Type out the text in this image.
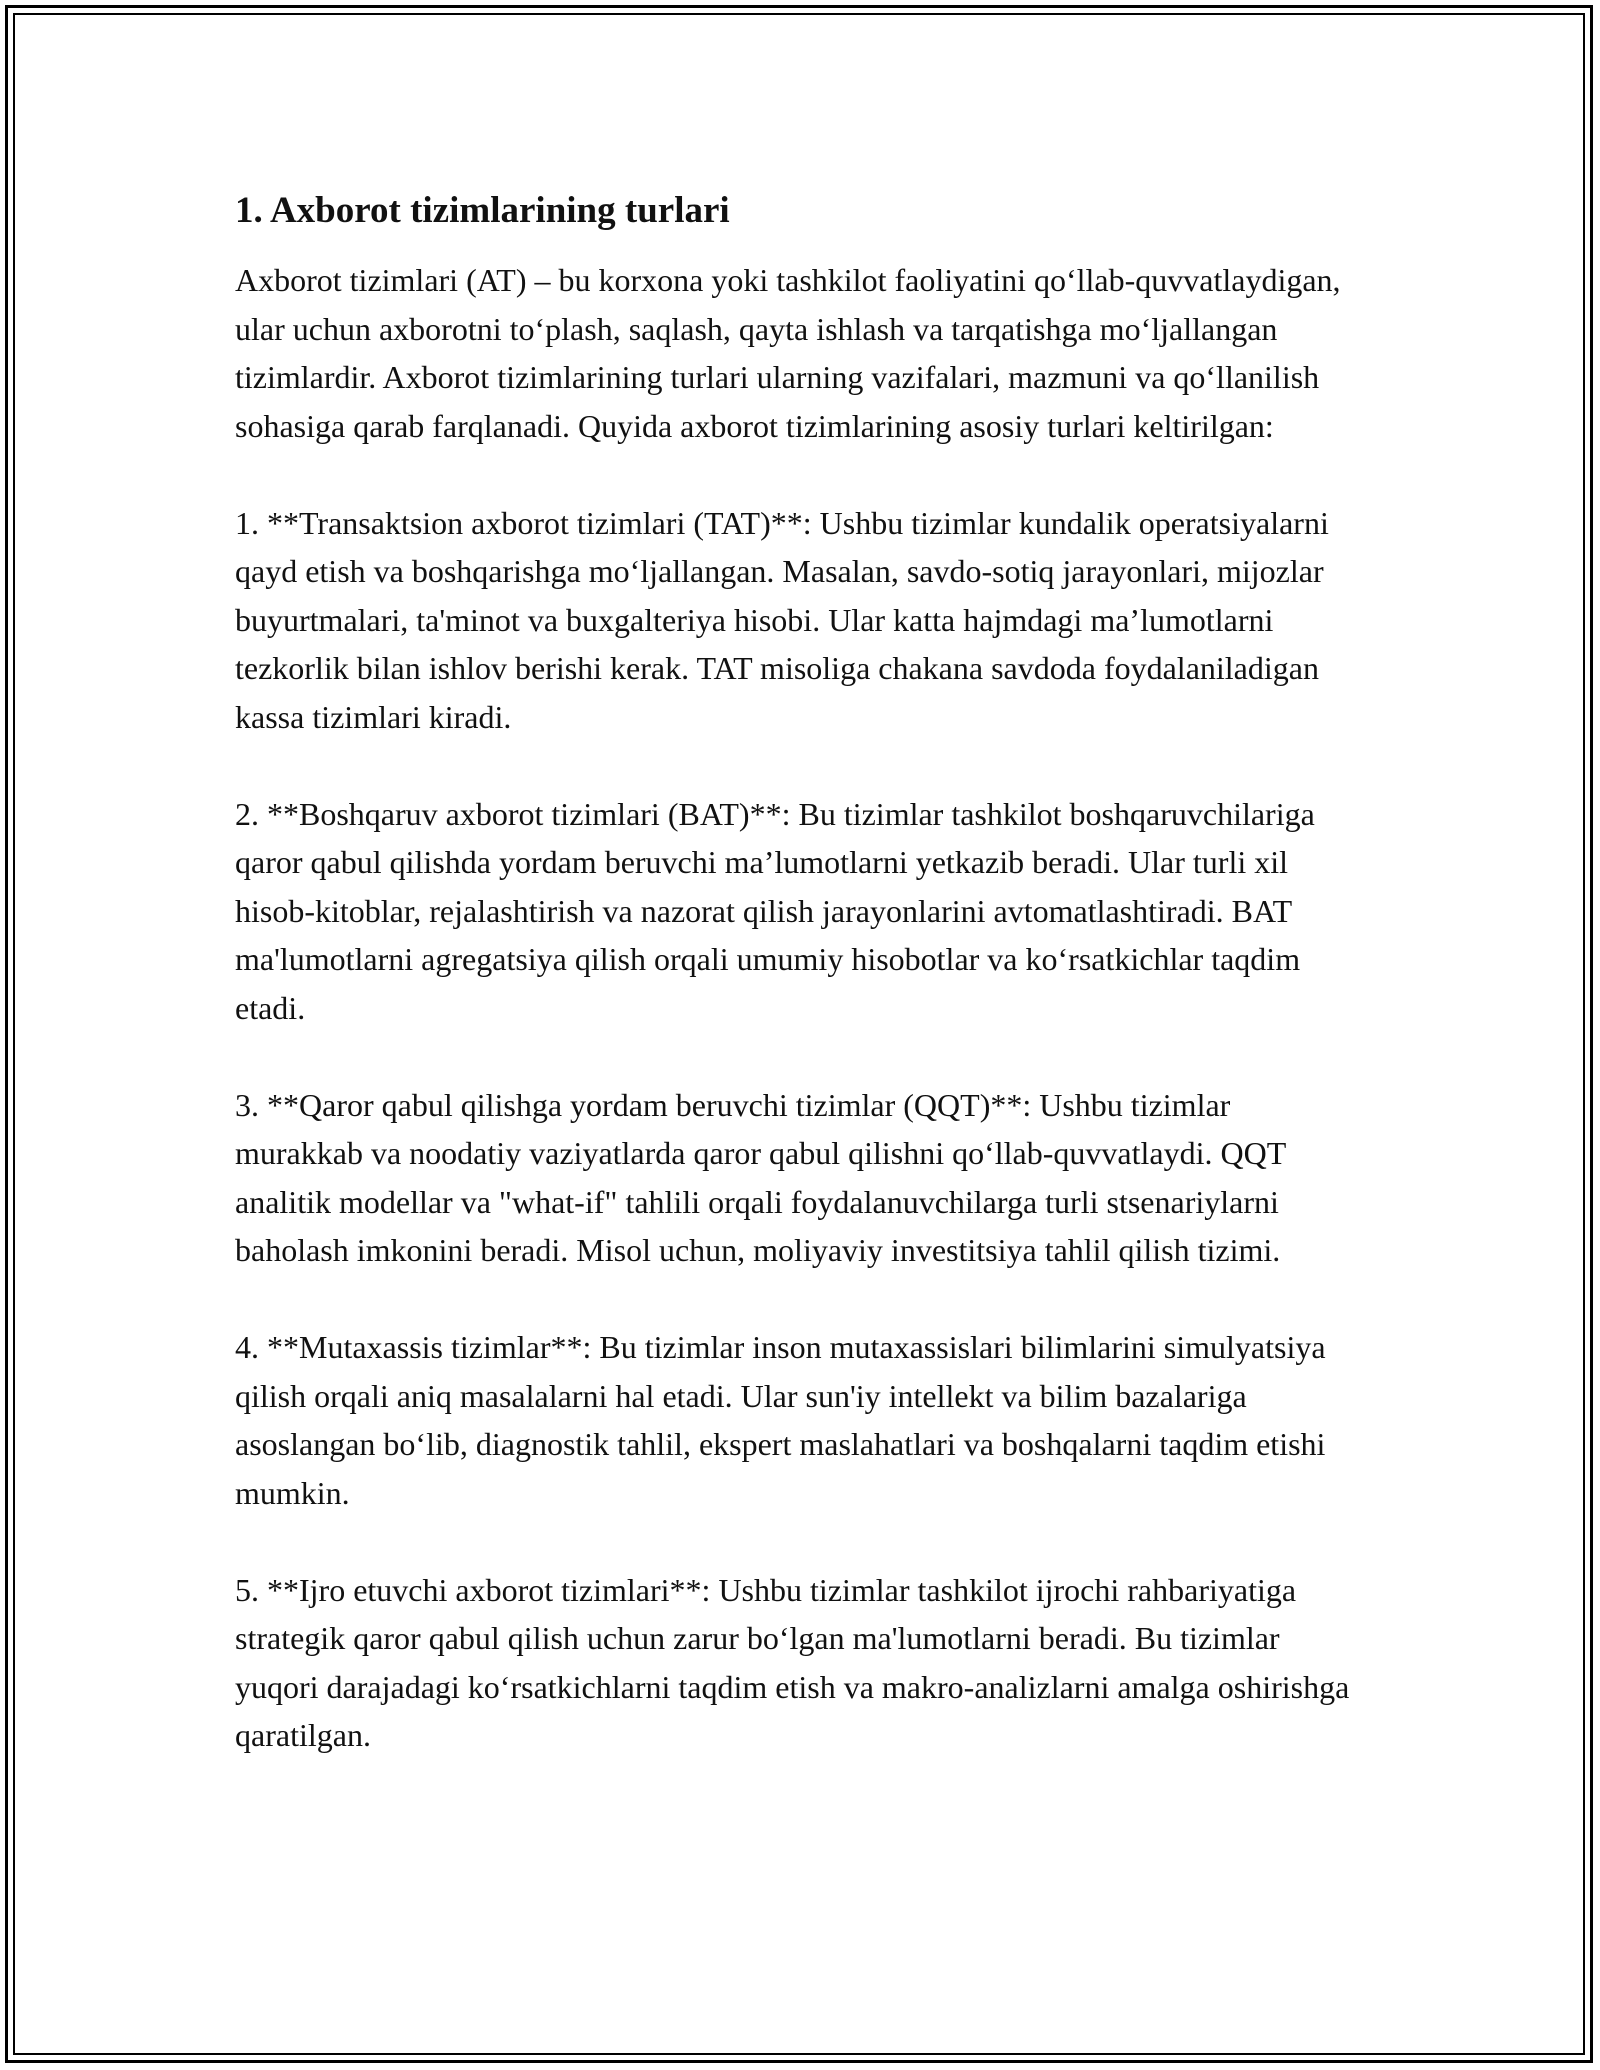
1. Axborot tizimlarining turlari

Axborot tizimlari (AT) – bu korxona yoki tashkilot faoliyatini qo‘llab-quvvatlaydigan, ular uchun axborotni to‘plash, saqlash, qayta ishlash va tarqatishga mo‘ljallangan tizimlardir. Axborot tizimlarining turlari ularning vazifalari, mazmuni va qo‘llanilish sohasiga qarab farqlanadi. Quyida axborot tizimlarining asosiy turlari keltirilgan:

1. **Transaktsion axborot tizimlari (TAT)**: Ushbu tizimlar kundalik operatsiyalarni qayd etish va boshqarishga mo‘ljallangan. Masalan, savdo-sotiq jarayonlari, mijozlar buyurtmalari, ta'minot va buxgalteriya hisobi. Ular katta hajmdagi ma’lumotlarni tezkorlik bilan ishlov berishi kerak. TAT misoliga chakana savdoda foydalaniladigan kassa tizimlari kiradi.

2. **Boshqaruv axborot tizimlari (BAT)**: Bu tizimlar tashkilot boshqaruvchilariga qaror qabul qilishda yordam beruvchi ma’lumotlarni yetkazib beradi. Ular turli xil hisob-kitoblar, rejalashtirish va nazorat qilish jarayonlarini avtomatlashtiradi. BAT ma'lumotlarni agregatsiya qilish orqali umumiy hisobotlar va ko‘rsatkichlar taqdim etadi.

3. **Qaror qabul qilishga yordam beruvchi tizimlar (QQT)**: Ushbu tizimlar murakkab va noodatiy vaziyatlarda qaror qabul qilishni qo‘llab-quvvatlaydi. QQT analitik modellar va "what-if" tahlili orqali foydalanuvchilarga turli stsenariylarni baholash imkonini beradi. Misol uchun, moliyaviy investitsiya tahlil qilish tizimi.

4. **Mutaxassis tizimlar**: Bu tizimlar inson mutaxassislari bilimlarini simulyatsiya qilish orqali aniq masalalarni hal etadi. Ular sun'iy intellekt va bilim bazalariga asoslangan bo‘lib, diagnostik tahlil, ekspert maslahatlari va boshqalarni taqdim etishi mumkin.

5. **Ijro etuvchi axborot tizimlari**: Ushbu tizimlar tashkilot ijrochi rahbariyatiga strategik qaror qabul qilish uchun zarur bo‘lgan ma'lumotlarni beradi. Bu tizimlar yuqori darajadagi ko‘rsatkichlarni taqdim etish va makro-analizlarni amalga oshirishga qaratilgan.
